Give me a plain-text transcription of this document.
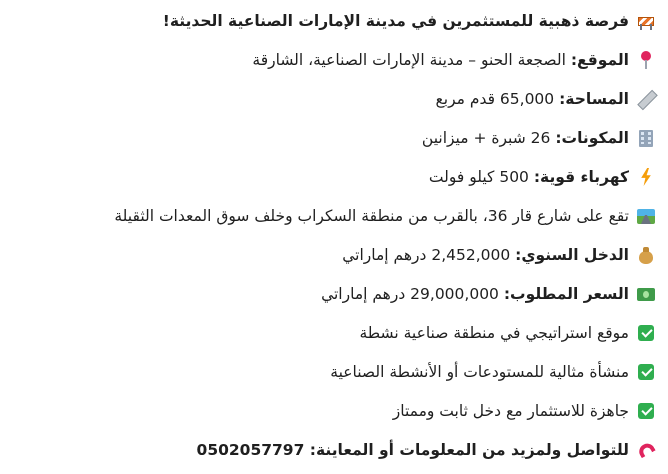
فرصة ذهبية للمستثمرين في مدينة الإمارات الصناعية الحديثة!
الموقع: الصجعة الحنو – مدينة الإمارات الصناعية، الشارقة
المساحة: 65,000 قدم مربع
المكونات: 26 شبرة + ميزانين
كهرباء قوية: 500 كيلو فولت
تقع على شارع قار 36، بالقرب من منطقة السكراب وخلف سوق المعدات الثقيلة
الدخل السنوي: 2,452,000 درهم إماراتي
السعر المطلوب: 29,000,000 درهم إماراتي
موقع استراتيجي في منطقة صناعية نشطة
منشأة مثالية للمستودعات أو الأنشطة الصناعية
جاهزة للاستثمار مع دخل ثابت وممتاز
للتواصل ولمزيد من المعلومات أو المعاينة: 0502057797
